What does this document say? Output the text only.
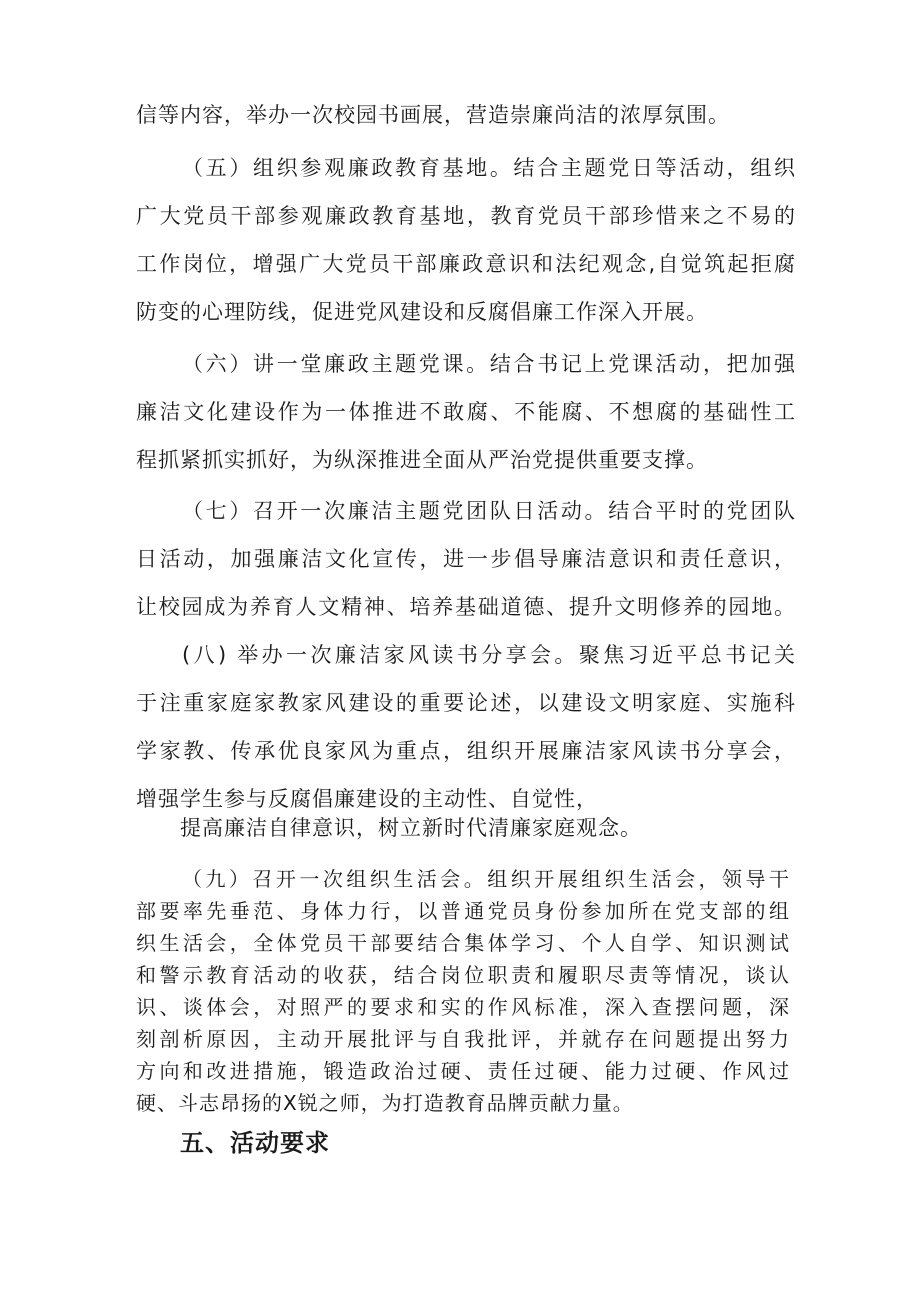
信等内容，举办一次校园书画展，营造崇廉尚洁的浓厚氛围。

（五）组织参观廉政教育基地。结合主题党日等活动，组织
广大党员干部参观廉政教育基地，教育党员干部珍惜来之不易的
工作岗位，增强广大党员干部廉政意识和法纪观念,自觉筑起拒腐
防变的心理防线，促进党风建设和反腐倡廉工作深入开展。

（六）讲一堂廉政主题党课。结合书记上党课活动，把加强
廉洁文化建设作为一体推进不敢腐、不能腐、不想腐的基础性工
程抓紧抓实抓好，为纵深推进全面从严治党提供重要支撑。

（七）召开一次廉洁主题党团队日活动。结合平时的党团队
日活动，加强廉洁文化宣传，进一步倡导廉洁意识和责任意识，
让校园成为养育人文精神、培养基础道德、提升文明修养的园地。

(八) 举办一次廉洁家风读书分享会。聚焦习近平总书记关
于注重家庭家教家风建设的重要论述，以建设文明家庭、实施科
学家教、传承优良家风为重点，组织开展廉洁家风读书分享会，
增强学生参与反腐倡廉建设的主动性、自觉性，

提高廉洁自律意识，树立新时代清廉家庭观念。

（九）召开一次组织生活会。组织开展组织生活会，领导干
部要率先垂范、身体力行，以普通党员身份参加所在党支部的组
织生活会，全体党员干部要结合集体学习、个人自学、知识测试
和警示教育活动的收获，结合岗位职责和履职尽责等情况，谈认
识、谈体会，对照严的要求和实的作风标准，深入查摆问题，深
刻剖析原因，主动开展批评与自我批评，并就存在问题提出努力
方向和改进措施，锻造政治过硬、责任过硬、能力过硬、作风过
硬、斗志昂扬的X锐之师，为打造教育品牌贡献力量。

五、活动要求
